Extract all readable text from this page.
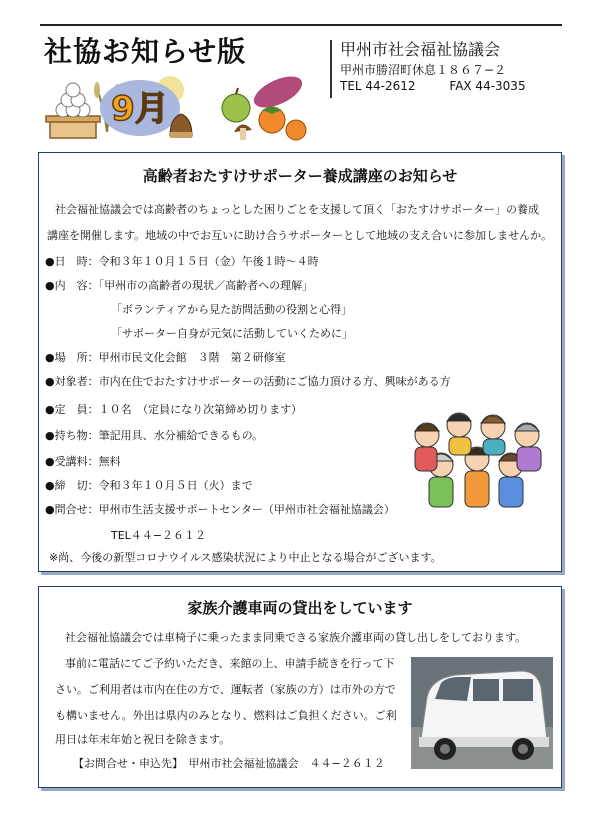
社協お知らせ版	甲州市社会福祉協議会
甲州市勝沼町休息１８６７−２
TEL 44-2612	FAX 44-3035
9月
高齢者おたすけサポーター養成講座のお知らせ
社会福祉協議会では高齢者のちょっとした困りごとを支援して頂く「おたすけサポーター」の養成
講座を開催します。地域の中でお互いに助け合うサポーターとして地域の支え合いに参加しませんか。
●日　時：令和３年１０月１５日（金）午後１時～４時
●内　容：「甲州市の高齢者の現状／高齢者への理解」
「ボランティアから見た訪問活動の役割と心得」
「サポーター自身が元気に活動していくために」
●場　所：甲州市民文化会館　３階　第２研修室
●対象者：市内在住でおたすけサポーターの活動にご協力頂ける方、興味がある方
●定　員：１０名　（定員になり次第締め切ります）
●持ち物：筆記用具、水分補給できるもの。
●受講料：無料
●締　切：令和３年１０月５日（火）まで
●問合せ：甲州市生活支援サポートセンター（甲州市社会福祉協議会）
TEL４４−２６１２
※尚、今後の新型コロナウイルス感染状況により中止となる場合がございます。
家族介護車両の貸出をしています
社会福祉協議会では車椅子に乗ったまま同乗できる家族介護車両の貸し出しをしております。
事前に電話にてご予約いただき、来館の上、申請手続きを行って下
さい。ご利用者は市内在住の方で、運転者（家族の方）は市外の方で
も構いません。外出は県内のみとなり、燃料はご負担ください。ご利
用日は年末年始と祝日を除きます。
【お問合せ・申込先】　甲州市社会福祉協議会　４４−２６１２
